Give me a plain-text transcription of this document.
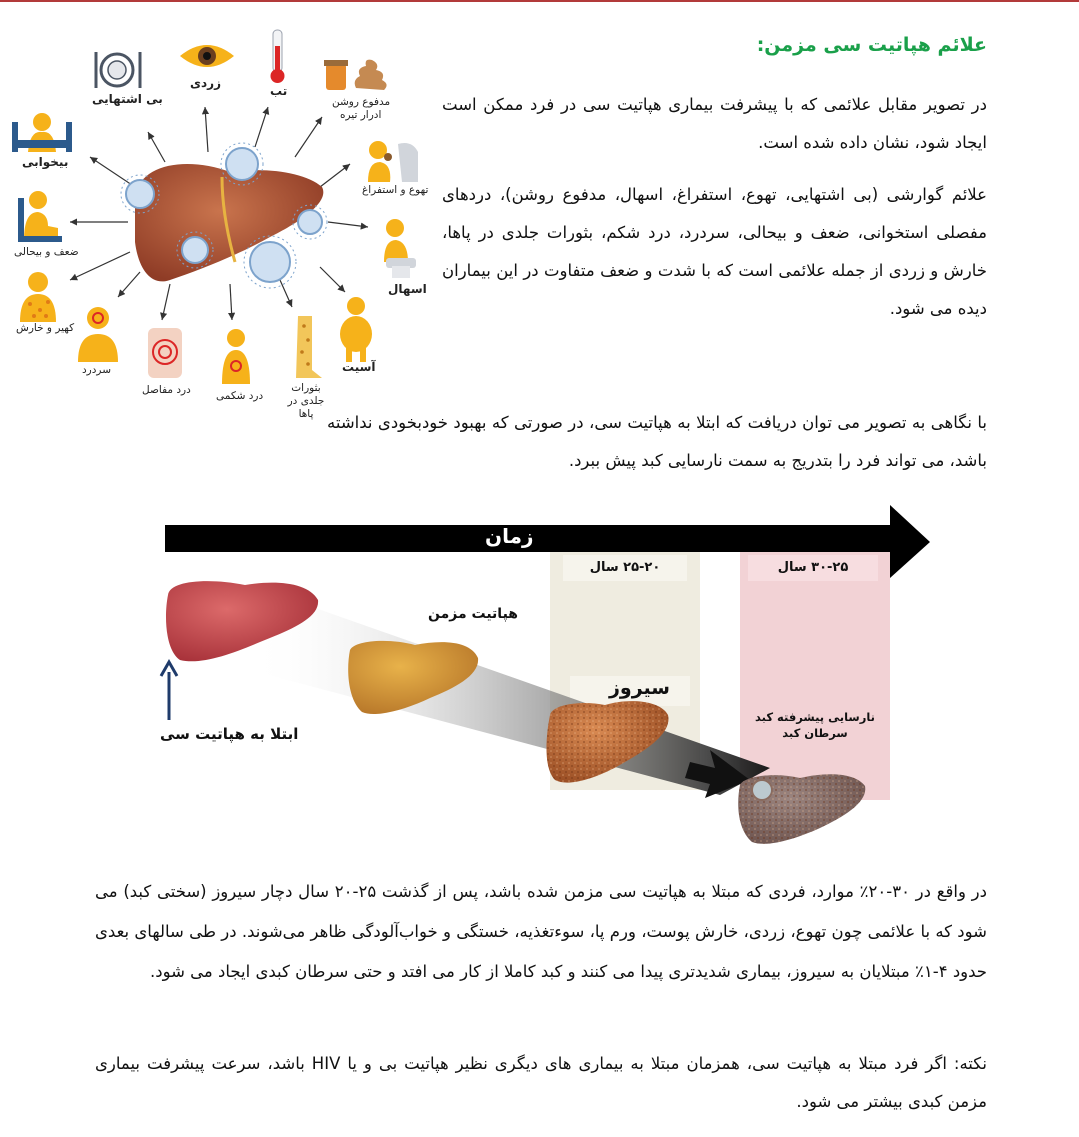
بی اشتهایی
زردی
تب
مدفوع روشن
ادرار تیره
بیخوابی
تهوع و استفراغ
ضعف و بیحالی
اسهال
کهیر و خارش
سردرد
درد مفاصل درد شکمی
بثورات جلدی در پاها
آسیت
علائم هپاتیت سی مزمن:
در تصویر مقابل علائمی که با پیشرفت بیماری هپاتیت سی در فرد ممکن است ایجاد شود، نشان داده شده است.
علائم گوارشی (بی اشتهایی، تهوع، استفراغ، اسهال، مدفوع روشن)، دردهای مفصلی استخوانی، ضعف و بیحالی، سردرد، درد شکم، بثورات جلدی در پاها، خارش و زردی از جمله علائمی است که با شدت و ضعف متفاوت در این بیماران دیده می شود.
با نگاهی به تصویر می توان دریافت که ابتلا به هپاتیت سی، در صورتی که بهبود خودبخودی نداشته باشد، می تواند فرد را بتدریج به سمت نارسایی کبد پیش ببرد.
زمان
۲۵-۲۰ سال	۳۰-۲۵ سال
هپاتیت مزمن
سیروز
ابتلا به هپاتیت سی
نارسایی پیشرفته کبد
سرطان کبد
در واقع در ۳۰-۲۰٪ موارد، فردی که مبتلا به هپاتیت سی مزمن شده باشد، پس از گذشت ۲۵-۲۰ سال دچار سیروز (سختی کبد) می شود که با علائمی چون تهوع، زردی، خارش پوست، ورم پا، سوءتغذیه، خستگی و خواب‌آلودگی ظاهر می‌شوند. در طی سالهای بعدی حدود ۴-۱٪ مبتلایان به سیروز، بیماری شدیدتری پیدا می کنند و کبد کاملا از کار می افتد و حتی سرطان کبدی ایجاد می شود.
نکته: اگر فرد مبتلا به هپاتیت سی، همزمان مبتلا به بیماری های دیگری نظیر هپاتیت بی و یا HIV باشد، سرعت پیشرفت بیماری مزمن کبدی بیشتر می شود.
